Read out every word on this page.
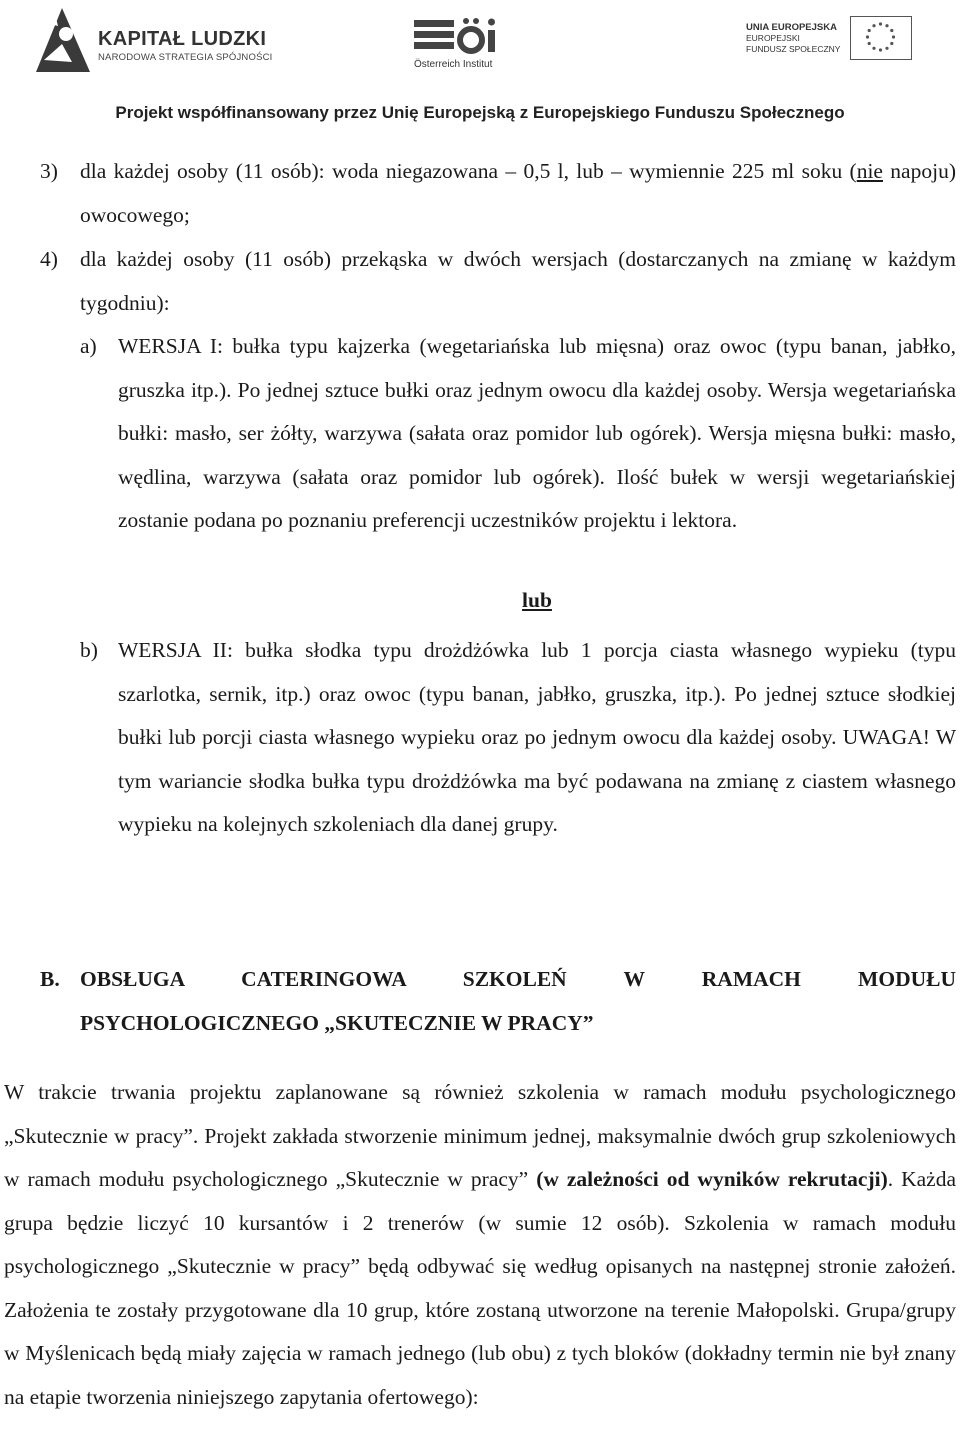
KAPITAŁ LUDZKI
NARODOWA STRATEGIA SPÓJNOŚCI
Österreich Institut
UNIA EUROPEJSKA
EUROPEJSKI
FUNDUSZ SPOŁECZNY
Projekt współfinansowany przez Unię Europejską z Europejskiego Funduszu Społecznego
3) dla każdej osoby (11 osób): woda niegazowana – 0,5 l, lub – wymiennie 225 ml soku (nie napoju) owocowego;

4) dla każdej osoby (11 osób) przekąska w dwóch wersjach (dostarczanych na zmianę w każdym tygodniu):

a) WERSJA I: bułka typu kajzerka (wegetariańska lub mięsna) oraz owoc (typu banan, jabłko, gruszka itp.). Po jednej sztuce bułki oraz jednym owocu dla każdej osoby. Wersja wegetariańska bułki: masło, ser żółty, warzywa (sałata oraz pomidor lub ogórek). Wersja mięsna bułki: masło, wędlina, warzywa (sałata oraz pomidor lub ogórek). Ilość bułek w wersji wegetariańskiej zostanie podana po poznaniu preferencji uczestników projektu i lektora.

lub
b) WERSJA II: bułka słodka typu drożdżówka lub 1 porcja ciasta własnego wypieku (typu szarlotka, sernik, itp.) oraz owoc (typu banan, jabłko, gruszka, itp.). Po jednej sztuce słodkiej bułki lub porcji ciasta własnego wypieku oraz po jednym owocu dla każdej osoby. UWAGA! W tym wariancie słodka bułka typu drożdżówka ma być podawana na zmianę z ciastem własnego wypieku na kolejnych szkoleniach dla danej grupy.

B. OBSŁUGA CATERINGOWA SZKOLEŃ W RAMACH MODUŁU
PSYCHOLOGICZNEGO „SKUTECZNIE W PRACY”

W trakcie trwania projektu zaplanowane są również szkolenia w ramach modułu psychologicznego „Skutecznie w pracy”. Projekt zakłada stworzenie minimum jednej, maksymalnie dwóch grup szkoleniowych w ramach modułu psychologicznego „Skutecznie w pracy” (w zależności od wyników rekrutacji). Każda grupa będzie liczyć 10 kursantów i 2 trenerów (w sumie 12 osób). Szkolenia w ramach modułu psychologicznego „Skutecznie w pracy” będą odbywać się według opisanych na następnej stronie założeń. Założenia te zostały przygotowane dla 10 grup, które zostaną utworzone na terenie Małopolski. Grupa/grupy w Myślenicach będą miały zajęcia w ramach jednego (lub obu) z tych bloków (dokładny termin nie był znany na etapie tworzenia niniejszego zapytania ofertowego):
